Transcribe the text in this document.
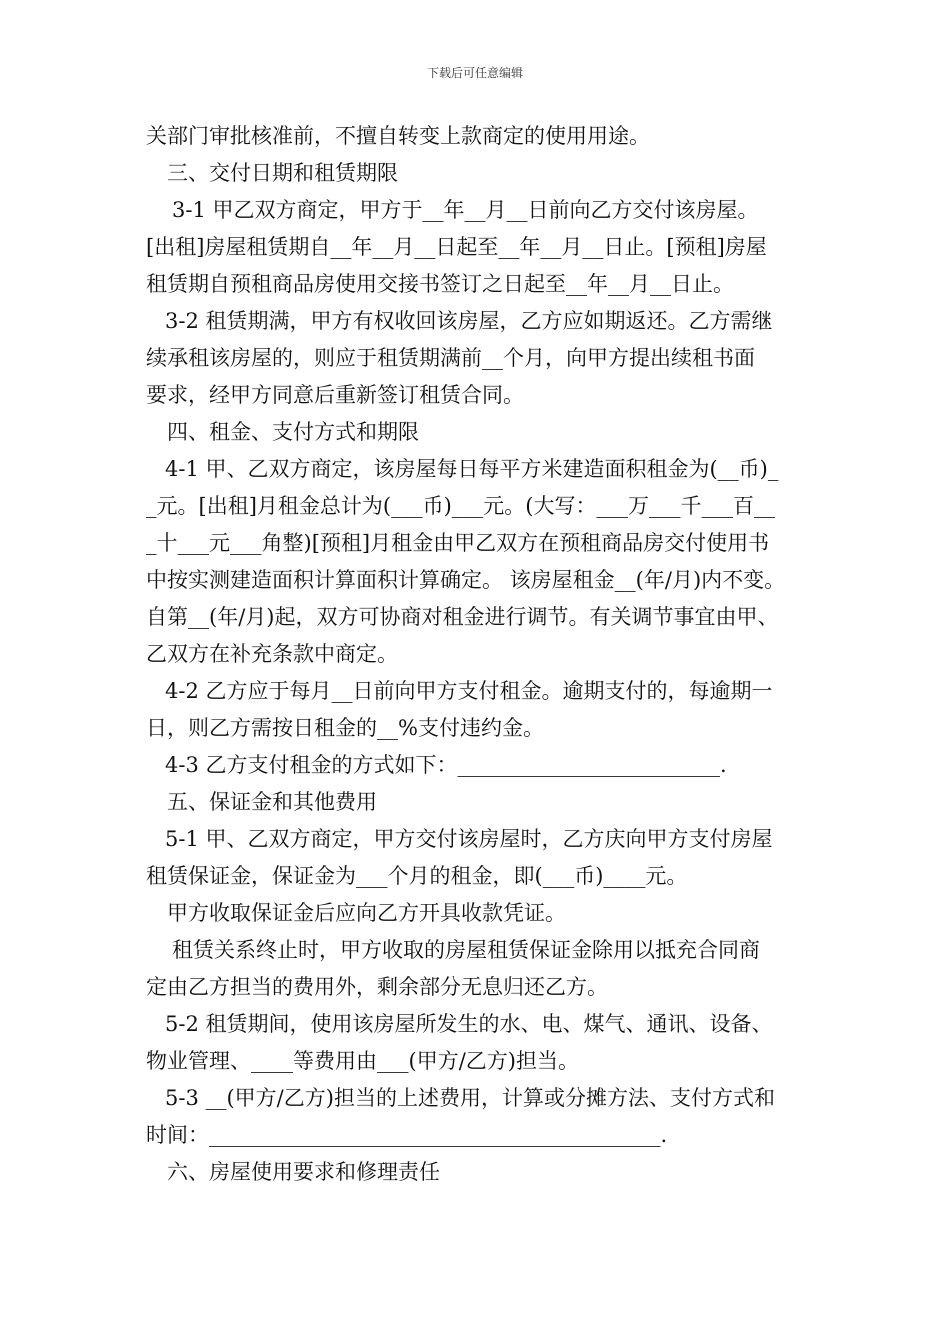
下载后可任意编辑
关部门审批核准前，不擅自转变上款商定的使用用途。
三、交付日期和租赁期限
3-1 甲乙双方商定，甲方于__年__月__日前向乙方交付该房屋。
[出租]房屋租赁期自__年__月__日起至__年__月__日止。[预租]房屋
租赁期自预租商品房使用交接书签订之日起至__年__月__日止。
3-2 租赁期满，甲方有权收回该房屋，乙方应如期返还。乙方需继
续承租该房屋的，则应于租赁期满前__个月，向甲方提出续租书面
要求，经甲方同意后重新签订租赁合同。
四、租金、支付方式和期限
4-1 甲、乙双方商定，该房屋每日每平方米建造面积租金为(__币)_
_元。[出租]月租金总计为(___币)___元。(大写：___万___千___百__
_十___元___角整)[预租]月租金由甲乙双方在预租商品房交付使用书
中按实测建造面积计算面积计算确定。 该房屋租金__(年/月)内不变。
自第__(年/月)起，双方可协商对租金进行调节。有关调节事宜由甲、
乙双方在补充条款中商定。
4-2 乙方应于每月__日前向甲方支付租金。逾期支付的，每逾期一
日，则乙方需按日租金的__%支付违约金。
4-3 乙方支付租金的方式如下：_________________________.
五、保证金和其他费用
5-1 甲、乙双方商定，甲方交付该房屋时，乙方庆向甲方支付房屋
租赁保证金，保证金为___个月的租金，即(___币)____元。
甲方收取保证金后应向乙方开具收款凭证。
租赁关系终止时，甲方收取的房屋租赁保证金除用以抵充合同商
定由乙方担当的费用外，剩余部分无息归还乙方。
5-2 租赁期间，使用该房屋所发生的水、电、煤气、通讯、设备、
物业管理、____等费用由___(甲方/乙方)担当。
5-3 __(甲方/乙方)担当的上述费用，计算或分摊方法、支付方式和
时间：___________________________________________.
六、房屋使用要求和修理责任
